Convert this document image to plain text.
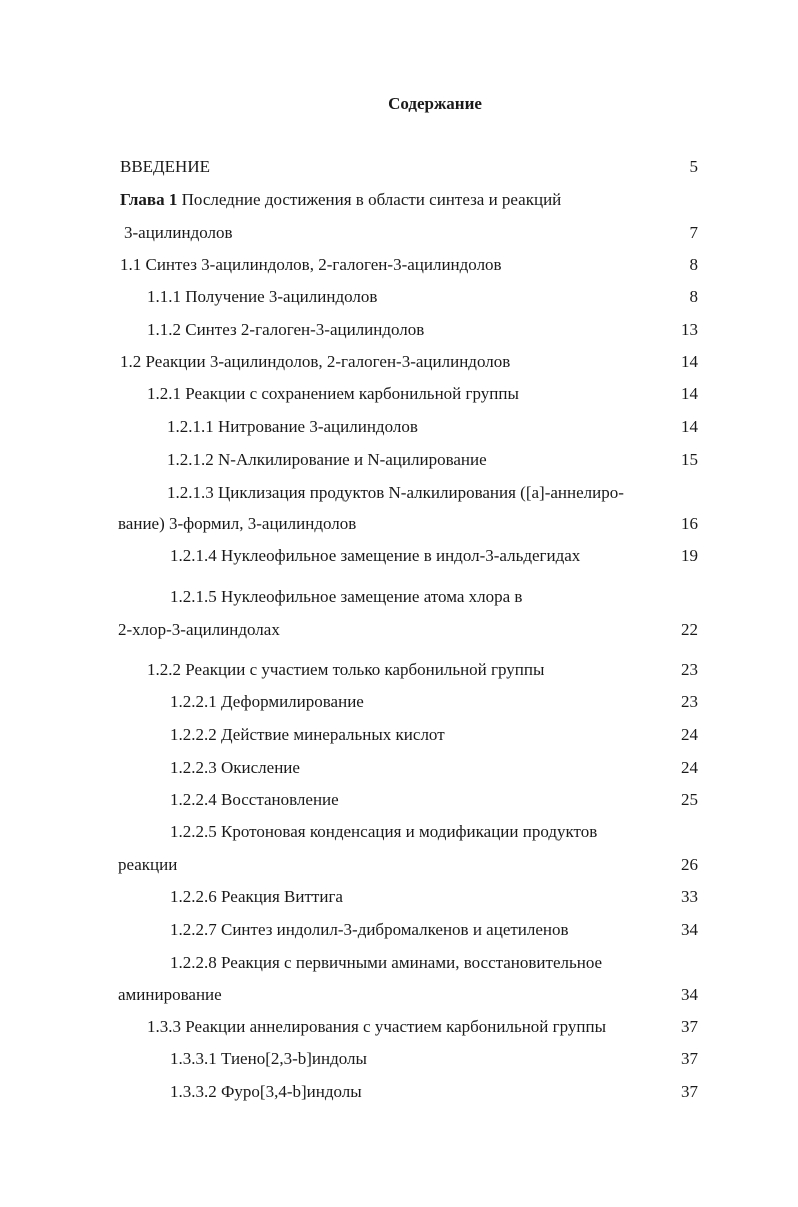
Содержание
ВВЕДЕНИЕ	5
Глава 1 Последние достижения в области синтеза и реакций
3-ацилиндолов	7
1.1 Синтез 3-ацилиндолов, 2-галоген-3-ацилиндолов	8
1.1.1 Получение 3-ацилиндолов	8
1.1.2 Синтез 2-галоген-3-ацилиндолов	13
1.2 Реакции 3-ацилиндолов, 2-галоген-3-ацилиндолов	14
1.2.1 Реакции с сохранением карбонильной группы	14
1.2.1.1 Нитрование 3-ацилиндолов	14
1.2.1.2 N-Алкилирование и N-ацилирование	15
1.2.1.3 Циклизация продуктов N-алкилирования ([a]-аннелиро-
вание) 3-формил, 3-ацилиндолов	16
1.2.1.4 Нуклеофильное замещение в индол-3-альдегидах	19
1.2.1.5 Нуклеофильное замещение атома хлора в
2-хлор-3-ацилиндолах	22
1.2.2 Реакции с участием только карбонильной группы	23
1.2.2.1 Деформилирование	23
1.2.2.2 Действие минеральных кислот	24
1.2.2.3 Окисление	24
1.2.2.4 Восстановление	25
1.2.2.5 Кротоновая конденсация и модификации продуктов
реакции	26
1.2.2.6 Реакция Виттига	33
1.2.2.7 Синтез индолил-3-дибромалкенов и ацетиленов	34
1.2.2.8 Реакция с первичными аминами, восстановительное
аминирование	34
1.3.3 Реакции аннелирования с участием карбонильной группы	37
1.3.3.1 Тиено[2,3-b]индолы	37
1.3.3.2 Фуро[3,4-b]индолы	37
